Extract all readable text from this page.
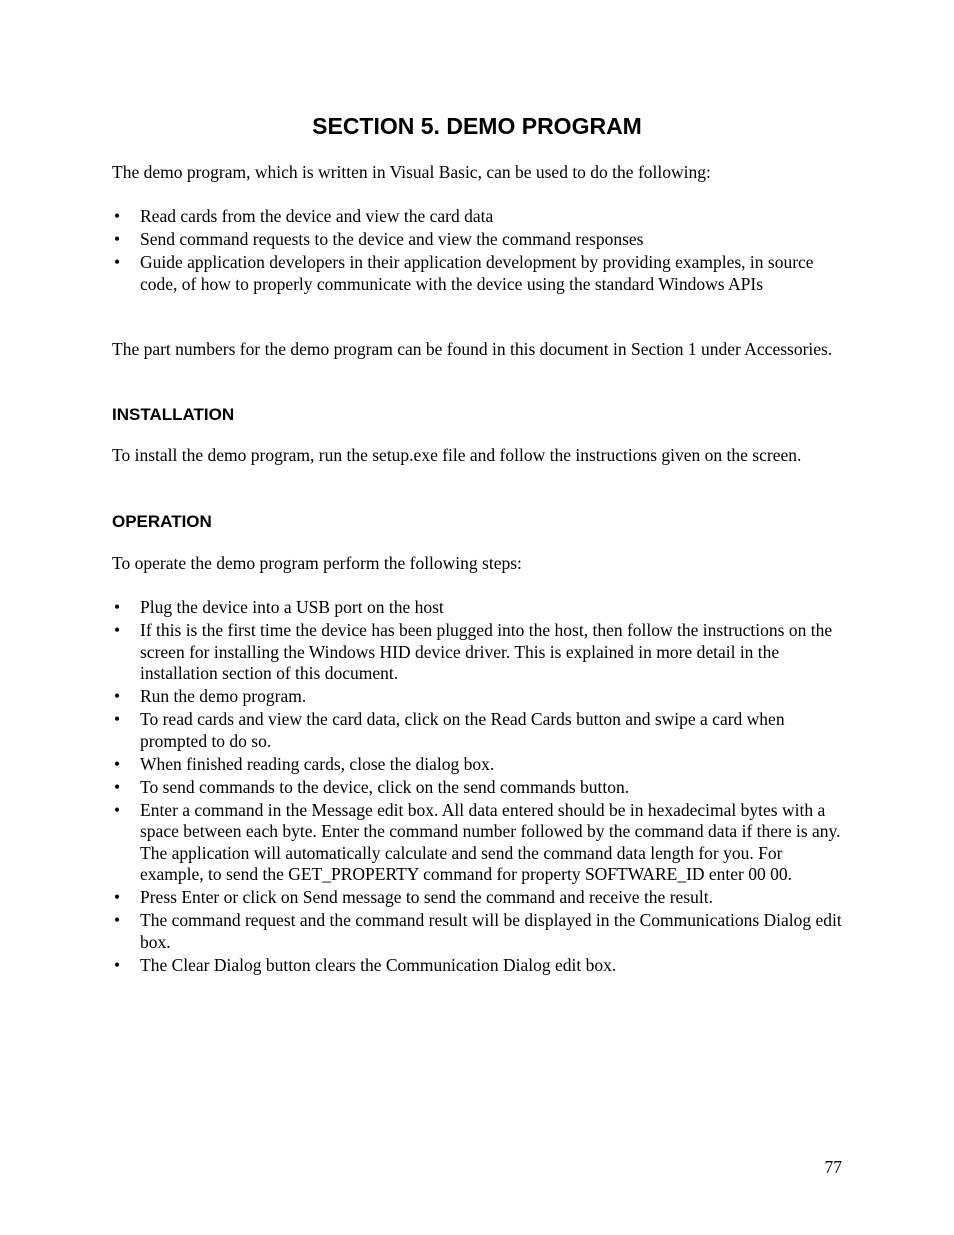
SECTION 5. DEMO PROGRAM

The demo program, which is written in Visual Basic, can be used to do the following:

• Read cards from the device and view the card data
• Send command requests to the device and view the command responses
• Guide application developers in their application development by providing examples, in source code, of how to properly communicate with the device using the standard Windows APIs

The part numbers for the demo program can be found in this document in Section 1 under Accessories.

INSTALLATION

To install the demo program, run the setup.exe file and follow the instructions given on the screen.

OPERATION

To operate the demo program perform the following steps:

• Plug the device into a USB port on the host
• If this is the first time the device has been plugged into the host, then follow the instructions on the screen for installing the Windows HID device driver. This is explained in more detail in the installation section of this document.
• Run the demo program.
• To read cards and view the card data, click on the Read Cards button and swipe a card when prompted to do so.
• When finished reading cards, close the dialog box.
• To send commands to the device, click on the send commands button.
• Enter a command in the Message edit box. All data entered should be in hexadecimal bytes with a space between each byte. Enter the command number followed by the command data if there is any. The application will automatically calculate and send the command data length for you. For example, to send the GET_PROPERTY command for property SOFTWARE_ID enter 00 00.
• Press Enter or click on Send message to send the command and receive the result.
• The command request and the command result will be displayed in the Communications Dialog edit box.
• The Clear Dialog button clears the Communication Dialog edit box.
77
